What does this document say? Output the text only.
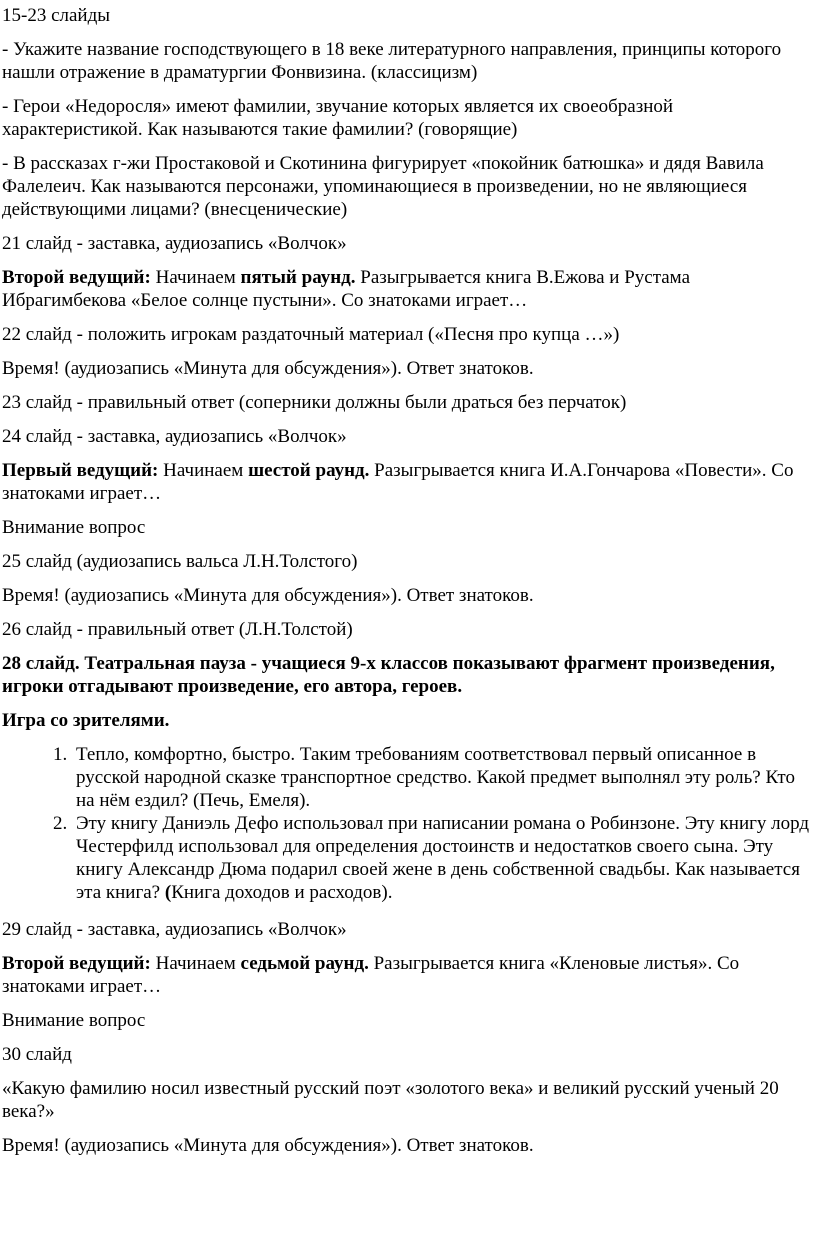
15-23 слайды

- Укажите название господствующего в 18 веке литературного направления, принципы которого нашли отражение в драматургии Фонвизина. (классицизм)

- Герои «Недоросля» имеют фамилии, звучание которых является их своеобразной характеристикой. Как называются такие фамилии? (говорящие)

- В рассказах г-жи Простаковой и Скотинина фигурирует «покойник батюшка» и дядя Вавила Фалелеич. Как называются персонажи, упоминающиеся в произведении, но не являющиеся действующими лицами? (внесценические)

21 слайд - заставка, аудиозапись «Волчок»

Второй ведущий: Начинаем пятый раунд. Разыгрывается книга В.Ежова и Рустама Ибрагимбекова «Белое солнце пустыни». Со знатоками играет…

22 слайд - положить игрокам раздаточный материал («Песня про купца …»)

Время! (аудиозапись «Минута для обсуждения»). Ответ знатоков.

23 слайд - правильный ответ (соперники должны были драться без перчаток)

24 слайд - заставка, аудиозапись «Волчок»

Первый ведущий: Начинаем шестой раунд. Разыгрывается книга И.А.Гончарова «Повести». Со знатоками играет…

Внимание вопрос

25 слайд (аудиозапись вальса Л.Н.Толстого)

Время! (аудиозапись «Минута для обсуждения»). Ответ знатоков.

26 слайд - правильный ответ (Л.Н.Толстой)

28 слайд. Театральная пауза - учащиеся 9-х классов показывают фрагмент произведения, игроки отгадывают произведение, его автора, героев.

Игра со зрителями.

1. Тепло, комфортно, быстро. Таким требованиям соответствовал первый описанное в русской народной сказке транспортное средство. Какой предмет выполнял эту роль? Кто на нём ездил? (Печь, Емеля).
2. Эту книгу Даниэль Дефо использовал при написании романа о Робинзоне. Эту книгу лорд Честерфилд использовал для определения достоинств и недостатков своего сына. Эту книгу Александр Дюма подарил своей жене в день собственной свадьбы. Как называется эта книга? (Книга доходов и расходов).

29 слайд - заставка, аудиозапись «Волчок»

Второй ведущий: Начинаем седьмой раунд. Разыгрывается книга «Кленовые листья». Со знатоками играет…

Внимание вопрос

30 слайд

«Какую фамилию носил известный русский поэт «золотого века» и великий русский ученый 20 века?»

Время! (аудиозапись «Минута для обсуждения»). Ответ знатоков.
